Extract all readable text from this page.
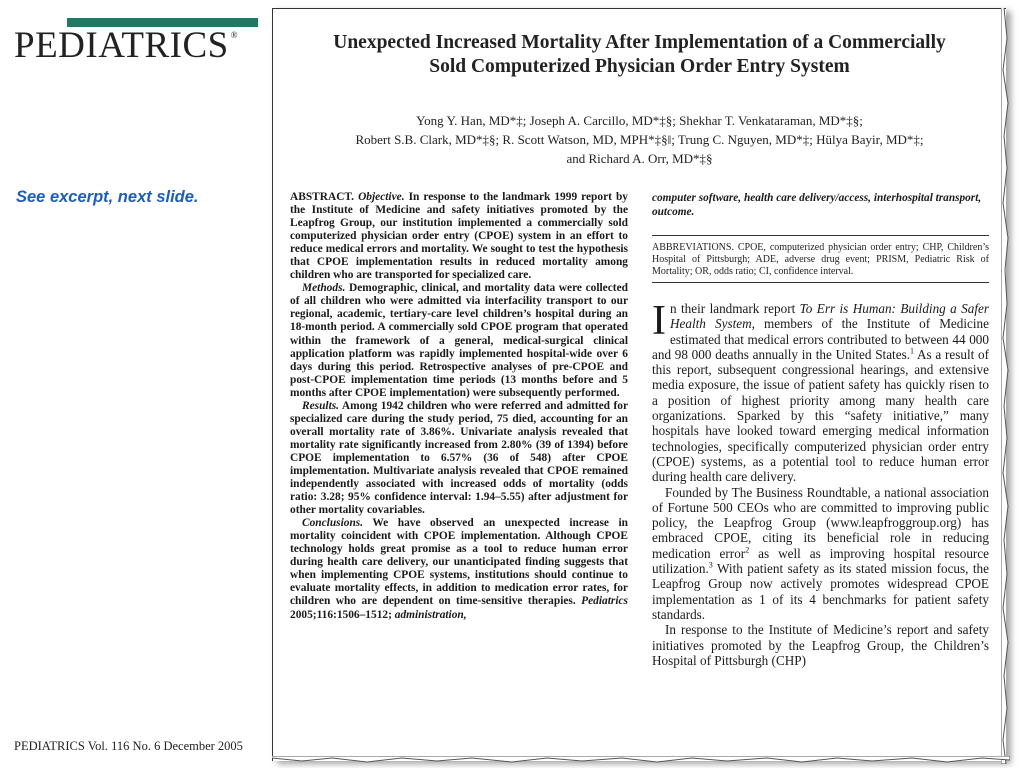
PEDIATRICS ®
See excerpt, next slide.
PEDIATRICS Vol. 116 No. 6 December 2005
Unexpected Increased Mortality After Implementation of a Commercially
Sold Computerized Physician Order Entry System
Yong Y. Han, MD*‡; Joseph A. Carcillo, MD*‡§; Shekhar T. Venkataraman, MD*‡§;
Robert S.B. Clark, MD*‡§; R. Scott Watson, MD, MPH*‡§‖; Trung C. Nguyen, MD*‡; Hülya Bayir, MD*‡;
and Richard A. Orr, MD*‡§

ABSTRACT. Objective. In response to the landmark 1999 report by the Institute of Medicine and safety initiatives promoted by the Leapfrog Group, our institution implemented a commercially sold computerized physician order entry (CPOE) system in an effort to reduce medical errors and mortality. We sought to test the hypothesis that CPOE implementation results in reduced mortality among children who are transported for specialized care.

Methods. Demographic, clinical, and mortality data were collected of all children who were admitted via interfacility transport to our regional, academic, tertiary-care level children’s hospital during an 18-month period. A commercially sold CPOE program that operated within the framework of a general, medical-surgical clinical application platform was rapidly implemented hospital-wide over 6 days during this period. Retrospective analyses of pre-CPOE and post-CPOE implementation time periods (13 months before and 5 months after CPOE implementation) were subsequently performed.

Results. Among 1942 children who were referred and admitted for specialized care during the study period, 75 died, accounting for an overall mortality rate of 3.86%. Univariate analysis revealed that mortality rate significantly increased from 2.80% (39 of 1394) before CPOE implementation to 6.57% (36 of 548) after CPOE implementation. Multivariate analysis revealed that CPOE remained independently associated with increased odds of mortality (odds ratio: 3.28; 95% confidence interval: 1.94–5.55) after adjustment for other mortality covariables.

Conclusions. We have observed an unexpected increase in mortality coincident with CPOE implementation. Although CPOE technology holds great promise as a tool to reduce human error during health care delivery, our unanticipated finding suggests that when implementing CPOE systems, institutions should continue to evaluate mortality effects, in addition to medication error rates, for children who are dependent on time-sensitive therapies. Pediatrics 2005;116:1506–1512; administration,

computer software, health care delivery/access, interhospital transport, outcome.

ABBREVIATIONS. CPOE, computerized physician order entry; CHP, Children’s Hospital of Pittsburgh; ADE, adverse drug event; PRISM, Pediatric Risk of Mortality; OR, odds ratio; CI, confidence interval.

In their landmark report To Err is Human: Building a Safer Health System, members of the Institute of Medicine estimated that medical errors contributed to between 44 000 and 98 000 deaths annually in the United States.$^1$ As a result of this report, subsequent congressional hearings, and extensive media exposure, the issue of patient safety has quickly risen to a position of highest priority among many health care organizations. Sparked by this “safety initiative,” many hospitals have looked toward emerging medical information technologies, specifically computerized physician order entry (CPOE) systems, as a potential tool to reduce human error during health care delivery.

Founded by The Business Roundtable, a national association of Fortune 500 CEOs who are committed to improving public policy, the Leapfrog Group (www.leapfroggroup.org) has embraced CPOE, citing its beneficial role in reducing medication error$^2$ as well as improving hospital resource utilization.$^3$ With patient safety as its stated mission focus, the Leapfrog Group now actively promotes widespread CPOE implementation as 1 of its 4 benchmarks for patient safety standards.

In response to the Institute of Medicine’s report and safety initiatives promoted by the Leapfrog Group, the Children’s Hospital of Pittsburgh (CHP)
